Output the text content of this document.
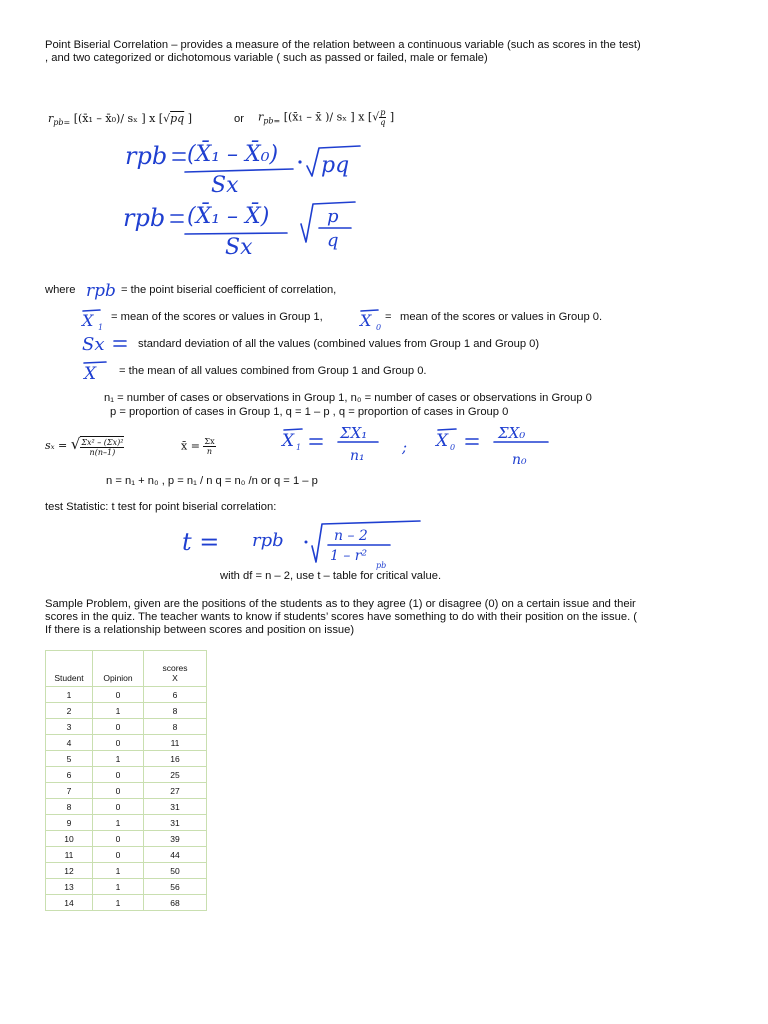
Point Biserial Correlation – provides a measure of the relation between a continuous variable (such as scores in the test)
, and two categorized or dichotomous variable ( such as passed or failed, male or female)
$r_{pb=}$ [(x̄₁ – x̄₀)/ sₓ ] x [√pq ]	or $r_{pb=}$ [(x̄₁ – x̄ )/ sₓ ] x [√ $\frac{p}{q}$ ]
rpb (X̄₁ – X̄₀)
Sx
pq
rpb (X̄₁ – X̄)
Sx
p
q
where rpb = the point biserial coefficient of correlation,
X 1
= mean of the scores or values in Group 1, X 0
= mean of the scores or values in Group 0.
Sx	standard deviation of all the values (combined values from Group 1 and Group 0)
X = the mean of all values combined from Group 1 and Group 0.
n₁ = number of cases or observations in Group 1, n₀ = number of cases or observations in Group 0
p = proportion of cases in Group 1, q = 1 – p , q = proportion of cases in Group 0
sₓ = √ $\frac{\text{Σx² – (Σx)²}}{n(n-1)}$	x̄ = $\frac{\Sigma x}{n}$	X 1
ΣX₁
n₁ ; X 0
ΣX₀
n₀
n = n₁ + n₀ , p = n₁ / n q = n₀ /n or q = 1 – p
test Statistic: t test for point biserial correlation:
t = rpb	n – 2
1 – r²
pb
with df = n – 2, use t – table for critical value.
Sample Problem, given are the positions of the students as to they agree (1) or disagree (0) on a certain issue and their
scores in the quiz. The teacher wants to know if students’ scores have something to do with their position on the issue. (
If there is a relationship between scores and position on issue)
Student	Opinion	scores
X
1	0	6
2	1	8
3	0	8
4	0	11
5	1	16
6	0	25
7	0	27
8	0	31
9	1	31
10	0	39
11	0	44
12	1	50
13	1	56
14	1	68
